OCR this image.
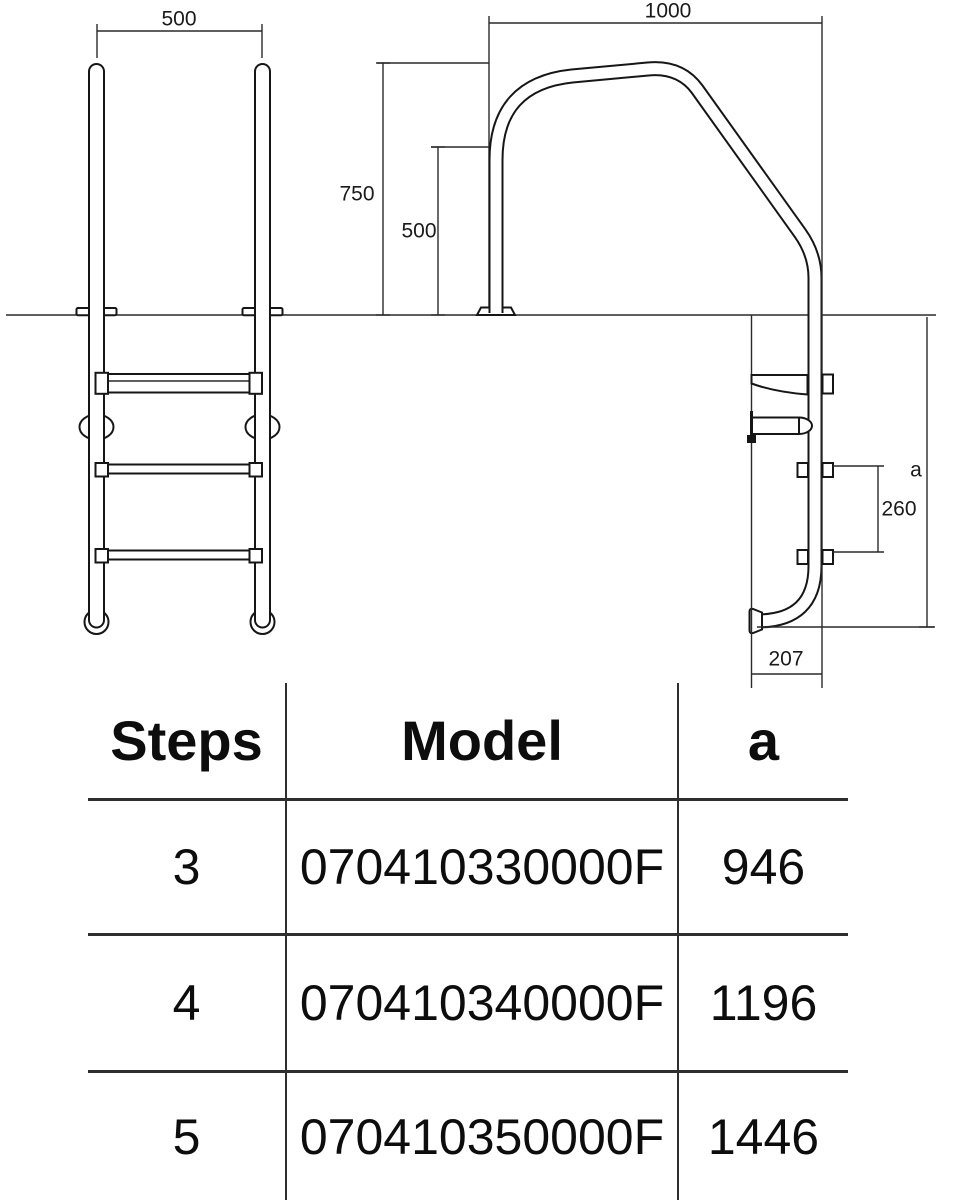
500	1000
750
500
260
a
207
Steps	Model	a
3	070410330000F	946
4	070410340000F 1196
5	070410350000F 1446
